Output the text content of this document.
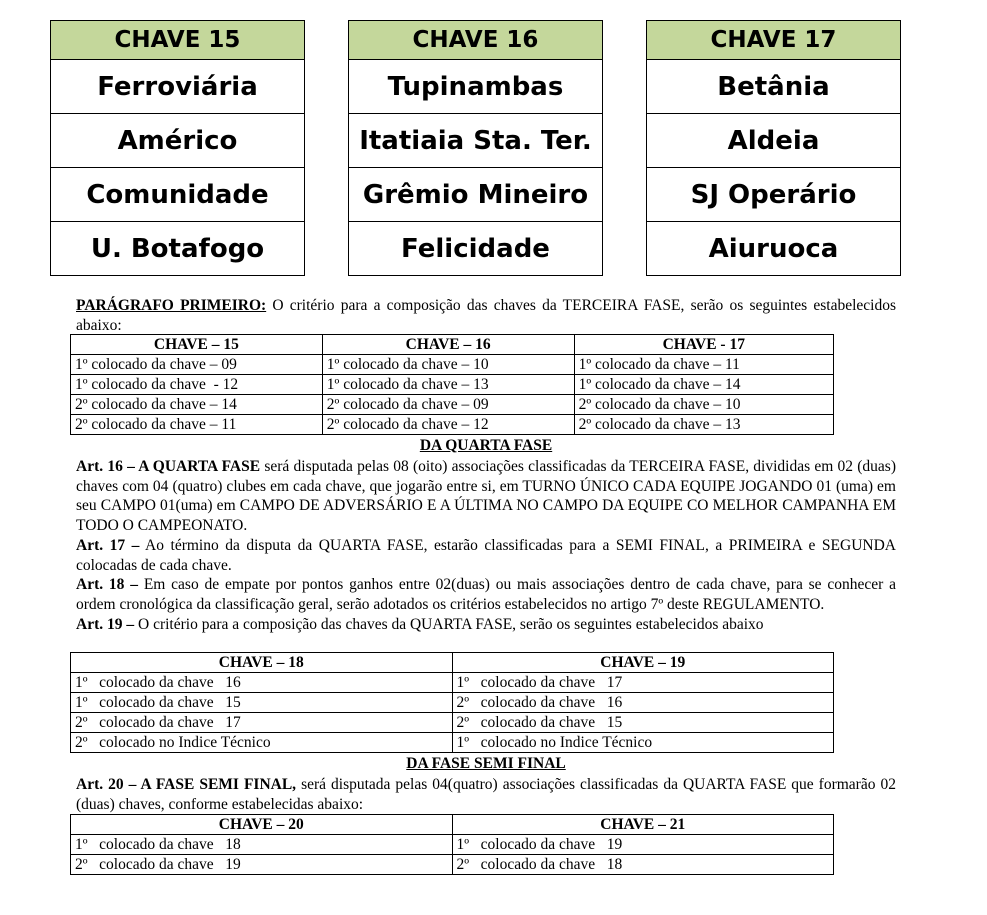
CHAVE 15
Ferroviária
Américo
Comunidade
U. Botafogo
CHAVE 16
Tupinambas
Itatiaia Sta. Ter.
Grêmio Mineiro
Felicidade
CHAVE 17
Betânia
Aldeia
SJ Operário
Aiuruoca

PARÁGRAFO PRIMEIRO: O critério para a composição das chaves da TERCEIRA FASE, serão os seguintes estabelecidos abaixo:

CHAVE – 15	CHAVE – 16	CHAVE - 17
1º colocado da chave – 09	1º colocado da chave – 10	1º colocado da chave – 11
1º colocado da chave  - 12	1º colocado da chave – 13	1º colocado da chave – 14
2º colocado da chave – 14	2º colocado da chave – 09	2º colocado da chave – 10
2º colocado da chave – 11	2º colocado da chave – 12	2º colocado da chave – 13
DA QUARTA FASE

Art. 16 – A QUARTA FASE será disputada pelas 08 (oito) associações classificadas da TERCEIRA FASE, divididas em 02 (duas) chaves com 04 (quatro) clubes em cada chave, que jogarão entre si, em TURNO ÚNICO CADA EQUIPE JOGANDO 01 (uma) em seu CAMPO 01(uma) em CAMPO DE ADVERSÁRIO E A ÚLTIMA NO CAMPO DA EQUIPE CO MELHOR CAMPANHA EM TODO O CAMPEONATO.

Art. 17 – Ao término da disputa da QUARTA FASE, estarão classificadas para a SEMI FINAL, a PRIMEIRA e SEGUNDA colocadas de cada chave.

Art. 18 – Em caso de empate por pontos ganhos entre 02(duas) ou mais associações dentro de cada chave, para se conhecer a ordem cronológica da classificação geral, serão adotados os critérios estabelecidos no artigo 7º deste REGULAMENTO.

Art. 19 – O critério para a composição das chaves da QUARTA FASE, serão os seguintes estabelecidos abaixo

CHAVE – 18	CHAVE – 19
1º   colocado da chave   16	1º   colocado da chave   17
1º   colocado da chave   15	2º   colocado da chave   16
2º   colocado da chave   17	2º   colocado da chave   15
2º   colocado no Indice Técnico	1º   colocado no Indice Técnico
DA FASE SEMI FINAL

Art. 20 – A FASE SEMI FINAL, será disputada pelas 04(quatro) associações classificadas da QUARTA FASE que formarão 02 (duas) chaves, conforme estabelecidas abaixo:

CHAVE – 20	CHAVE – 21
1º   colocado da chave   18	1º   colocado da chave   19
2º   colocado da chave   19	2º   colocado da chave   18
